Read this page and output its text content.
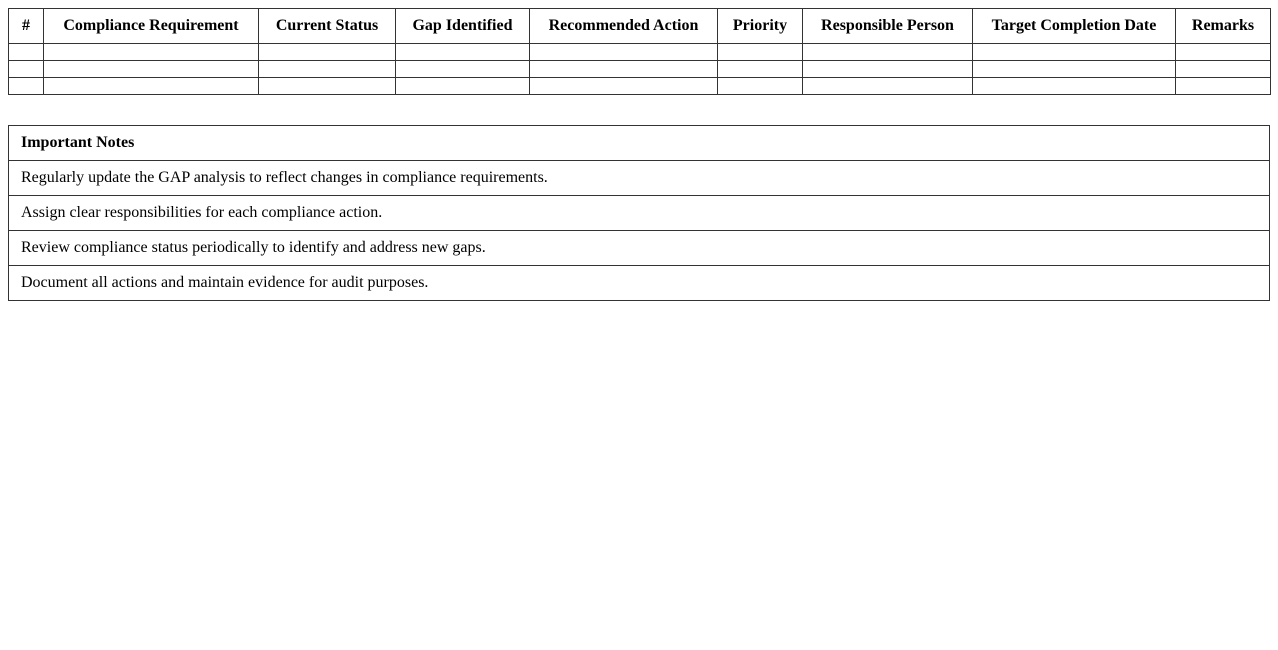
#	Compliance Requirement	Current Status	Gap Identified	Recommended Action	Priority	Responsible Person	Target Completion Date	Remarks

Important Notes
Regularly update the GAP analysis to reflect changes in compliance requirements.
Assign clear responsibilities for each compliance action.
Review compliance status periodically to identify and address new gaps.
Document all actions and maintain evidence for audit purposes.
